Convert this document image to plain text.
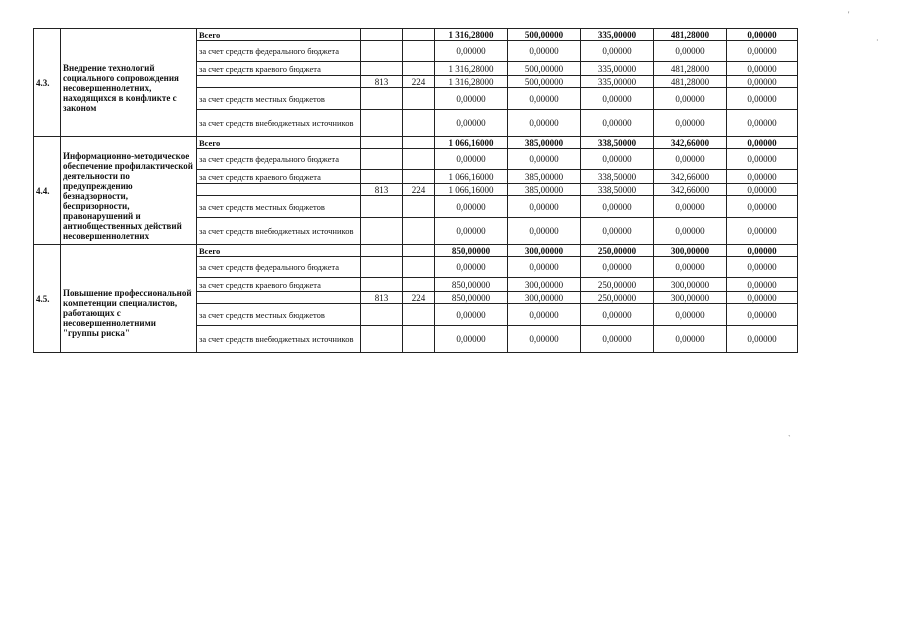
4.3.	Внедрение технологий социального сопровождения несовершеннолетних, находящихся в конфликте с законом	Всего			1 316,28000	500,00000	335,00000	481,28000	0,00000
		за счет средств федерального бюджета			0,00000	0,00000	0,00000	0,00000	0,00000
		за счет средств краевого бюджета			1 316,28000	500,00000	335,00000	481,28000	0,00000
			813	224	1 316,28000	500,00000	335,00000	481,28000	0,00000
		за счет средств местных бюджетов			0,00000	0,00000	0,00000	0,00000	0,00000
		за счет средств внебюджетных источников			0,00000	0,00000	0,00000	0,00000	0,00000
4.4.	Информационно-методическое обеспечение профилактической деятельности по предупреждению безнадзорности, беспризорности, правонарушений и антиобщественных действий несовершеннолетних	Всего			1 066,16000	385,00000	338,50000	342,66000	0,00000
		за счет средств федерального бюджета			0,00000	0,00000	0,00000	0,00000	0,00000
		за счет средств краевого бюджета			1 066,16000	385,00000	338,50000	342,66000	0,00000
			813	224	1 066,16000	385,00000	338,50000	342,66000	0,00000
		за счет средств местных бюджетов			0,00000	0,00000	0,00000	0,00000	0,00000
		за счет средств внебюджетных источников			0,00000	0,00000	0,00000	0,00000	0,00000
4.5.	Повышение профессиональной компетенции специалистов, работающих с несовершеннолетними "группы риска"	Всего			850,00000	300,00000	250,00000	300,00000	0,00000
		за счет средств федерального бюджета			0,00000	0,00000	0,00000	0,00000	0,00000
		за счет средств краевого бюджета			850,00000	300,00000	250,00000	300,00000	0,00000
			813	224	850,00000	300,00000	250,00000	300,00000	0,00000
		за счет средств местных бюджетов			0,00000	0,00000	0,00000	0,00000	0,00000
		за счет средств внебюджетных источников			0,00000	0,00000	0,00000	0,00000	0,00000
'
·
`
